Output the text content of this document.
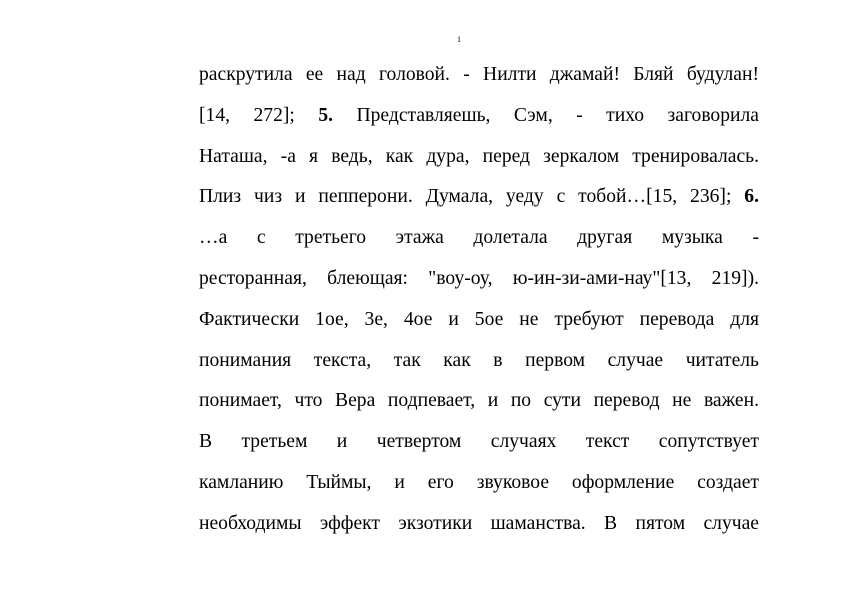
1
раскрутила ее над головой. - Нилти джамай! Бляй будулан!
[14, 272]; 5. Представляешь, Сэм, - тихо заговорила
Наташа, -а я ведь, как дура, перед зеркалом тренировалась.
Плиз чиз и пепперони. Думала, уеду с тобой…[15, 236]; 6.
…а с третьего этажа долетала другая музыка -
ресторанная, блеющая: "воу-оу, ю-ин-зи-ами-нау"[13, 219]).
Фактически 1ое, 3е, 4ое и 5ое не требуют перевода для
понимания текста, так как в первом случае читатель
понимает, что Вера подпевает, и по сути перевод не важен.
В третьем и четвертом случаях текст сопутствует
камланию Тыймы, и его звуковое оформление создает
необходимы эффект экзотики шаманства. В пятом случае
